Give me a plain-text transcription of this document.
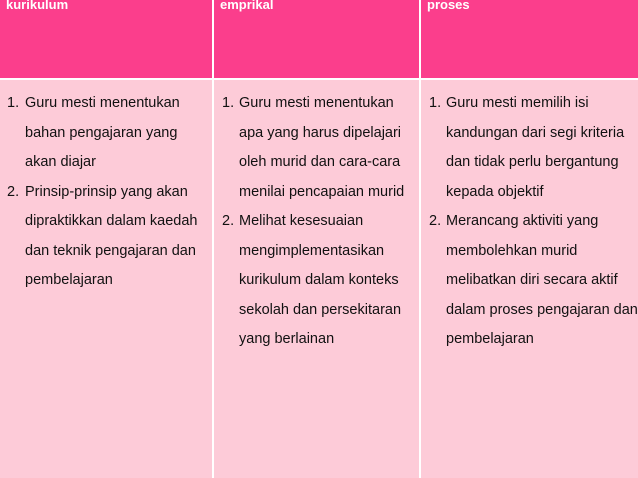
kurikulum	emprikal	proses
1. Guru mesti menentukan bahan pengajaran yang akan diajar
2. Prinsip-prinsip yang akan dipraktikkan dalam kaedah dan teknik pengajaran dan pembelajaran
1. Guru mesti menentukan apa yang harus dipelajari oleh murid dan cara-cara menilai pencapaian murid
2. Melihat kesesuaian mengimplementasikan kurikulum dalam konteks sekolah dan persekitaran yang berlainan
1. Guru mesti memilih isi kandungan dari segi kriteria dan tidak perlu bergantung kepada objektif
2. Merancang aktiviti yang membolehkan murid melibatkan diri secara aktif dalam proses pengajaran dan pembelajaran
